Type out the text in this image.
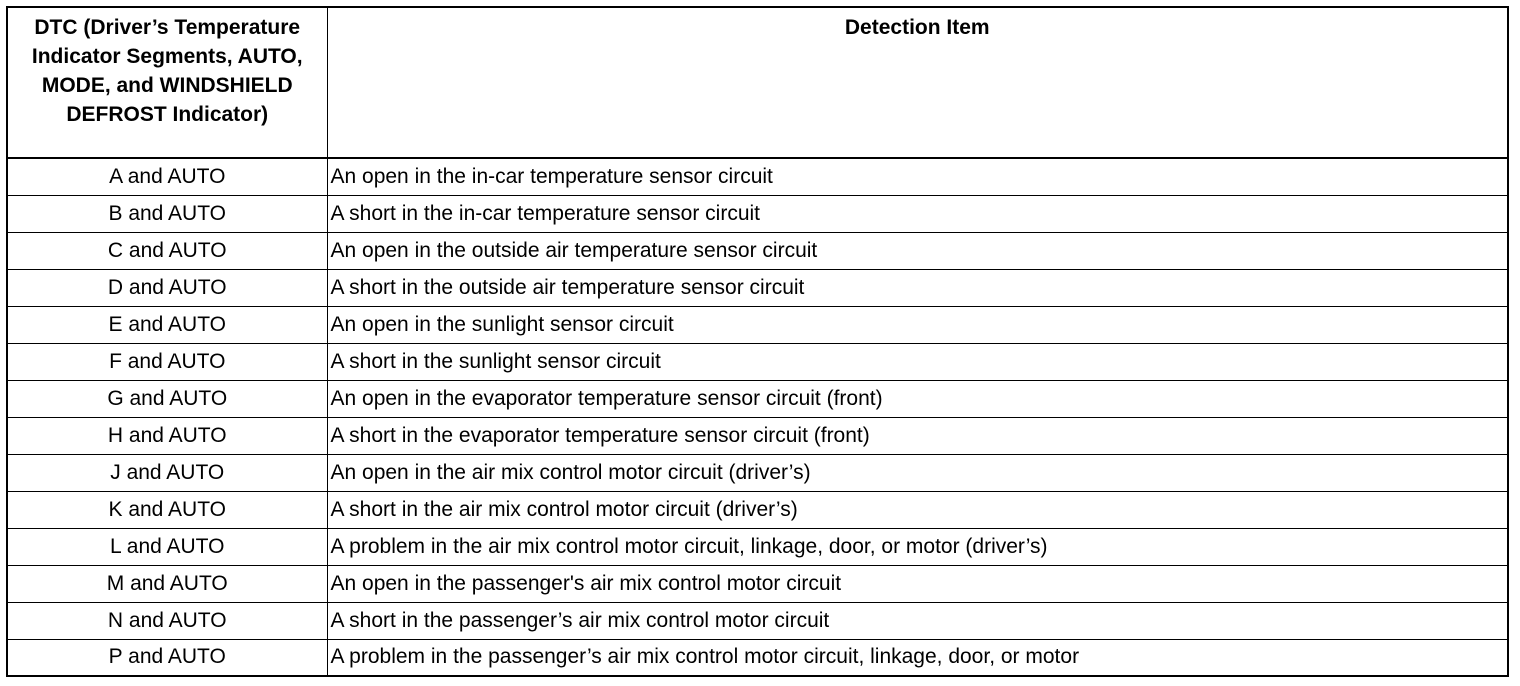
DTC (Driver’s Temperature Indicator Segments, AUTO, MODE, and WINDSHIELD DEFROST Indicator)	Detection Item
A and AUTO	An open in the in-car temperature sensor circuit
B and AUTO	A short in the in-car temperature sensor circuit
C and AUTO	An open in the outside air temperature sensor circuit
D and AUTO	A short in the outside air temperature sensor circuit
E and AUTO	An open in the sunlight sensor circuit
F and AUTO	A short in the sunlight sensor circuit
G and AUTO	An open in the evaporator temperature sensor circuit (front)
H and AUTO	A short in the evaporator temperature sensor circuit (front)
J and AUTO	An open in the air mix control motor circuit (driver’s)
K and AUTO	A short in the air mix control motor circuit (driver’s)
L and AUTO	A problem in the air mix control motor circuit, linkage, door, or motor (driver’s)
M and AUTO	An open in the passenger's air mix control motor circuit
N and AUTO	A short in the passenger’s air mix control motor circuit
P and AUTO	A problem in the passenger’s air mix control motor circuit, linkage, door, or motor
